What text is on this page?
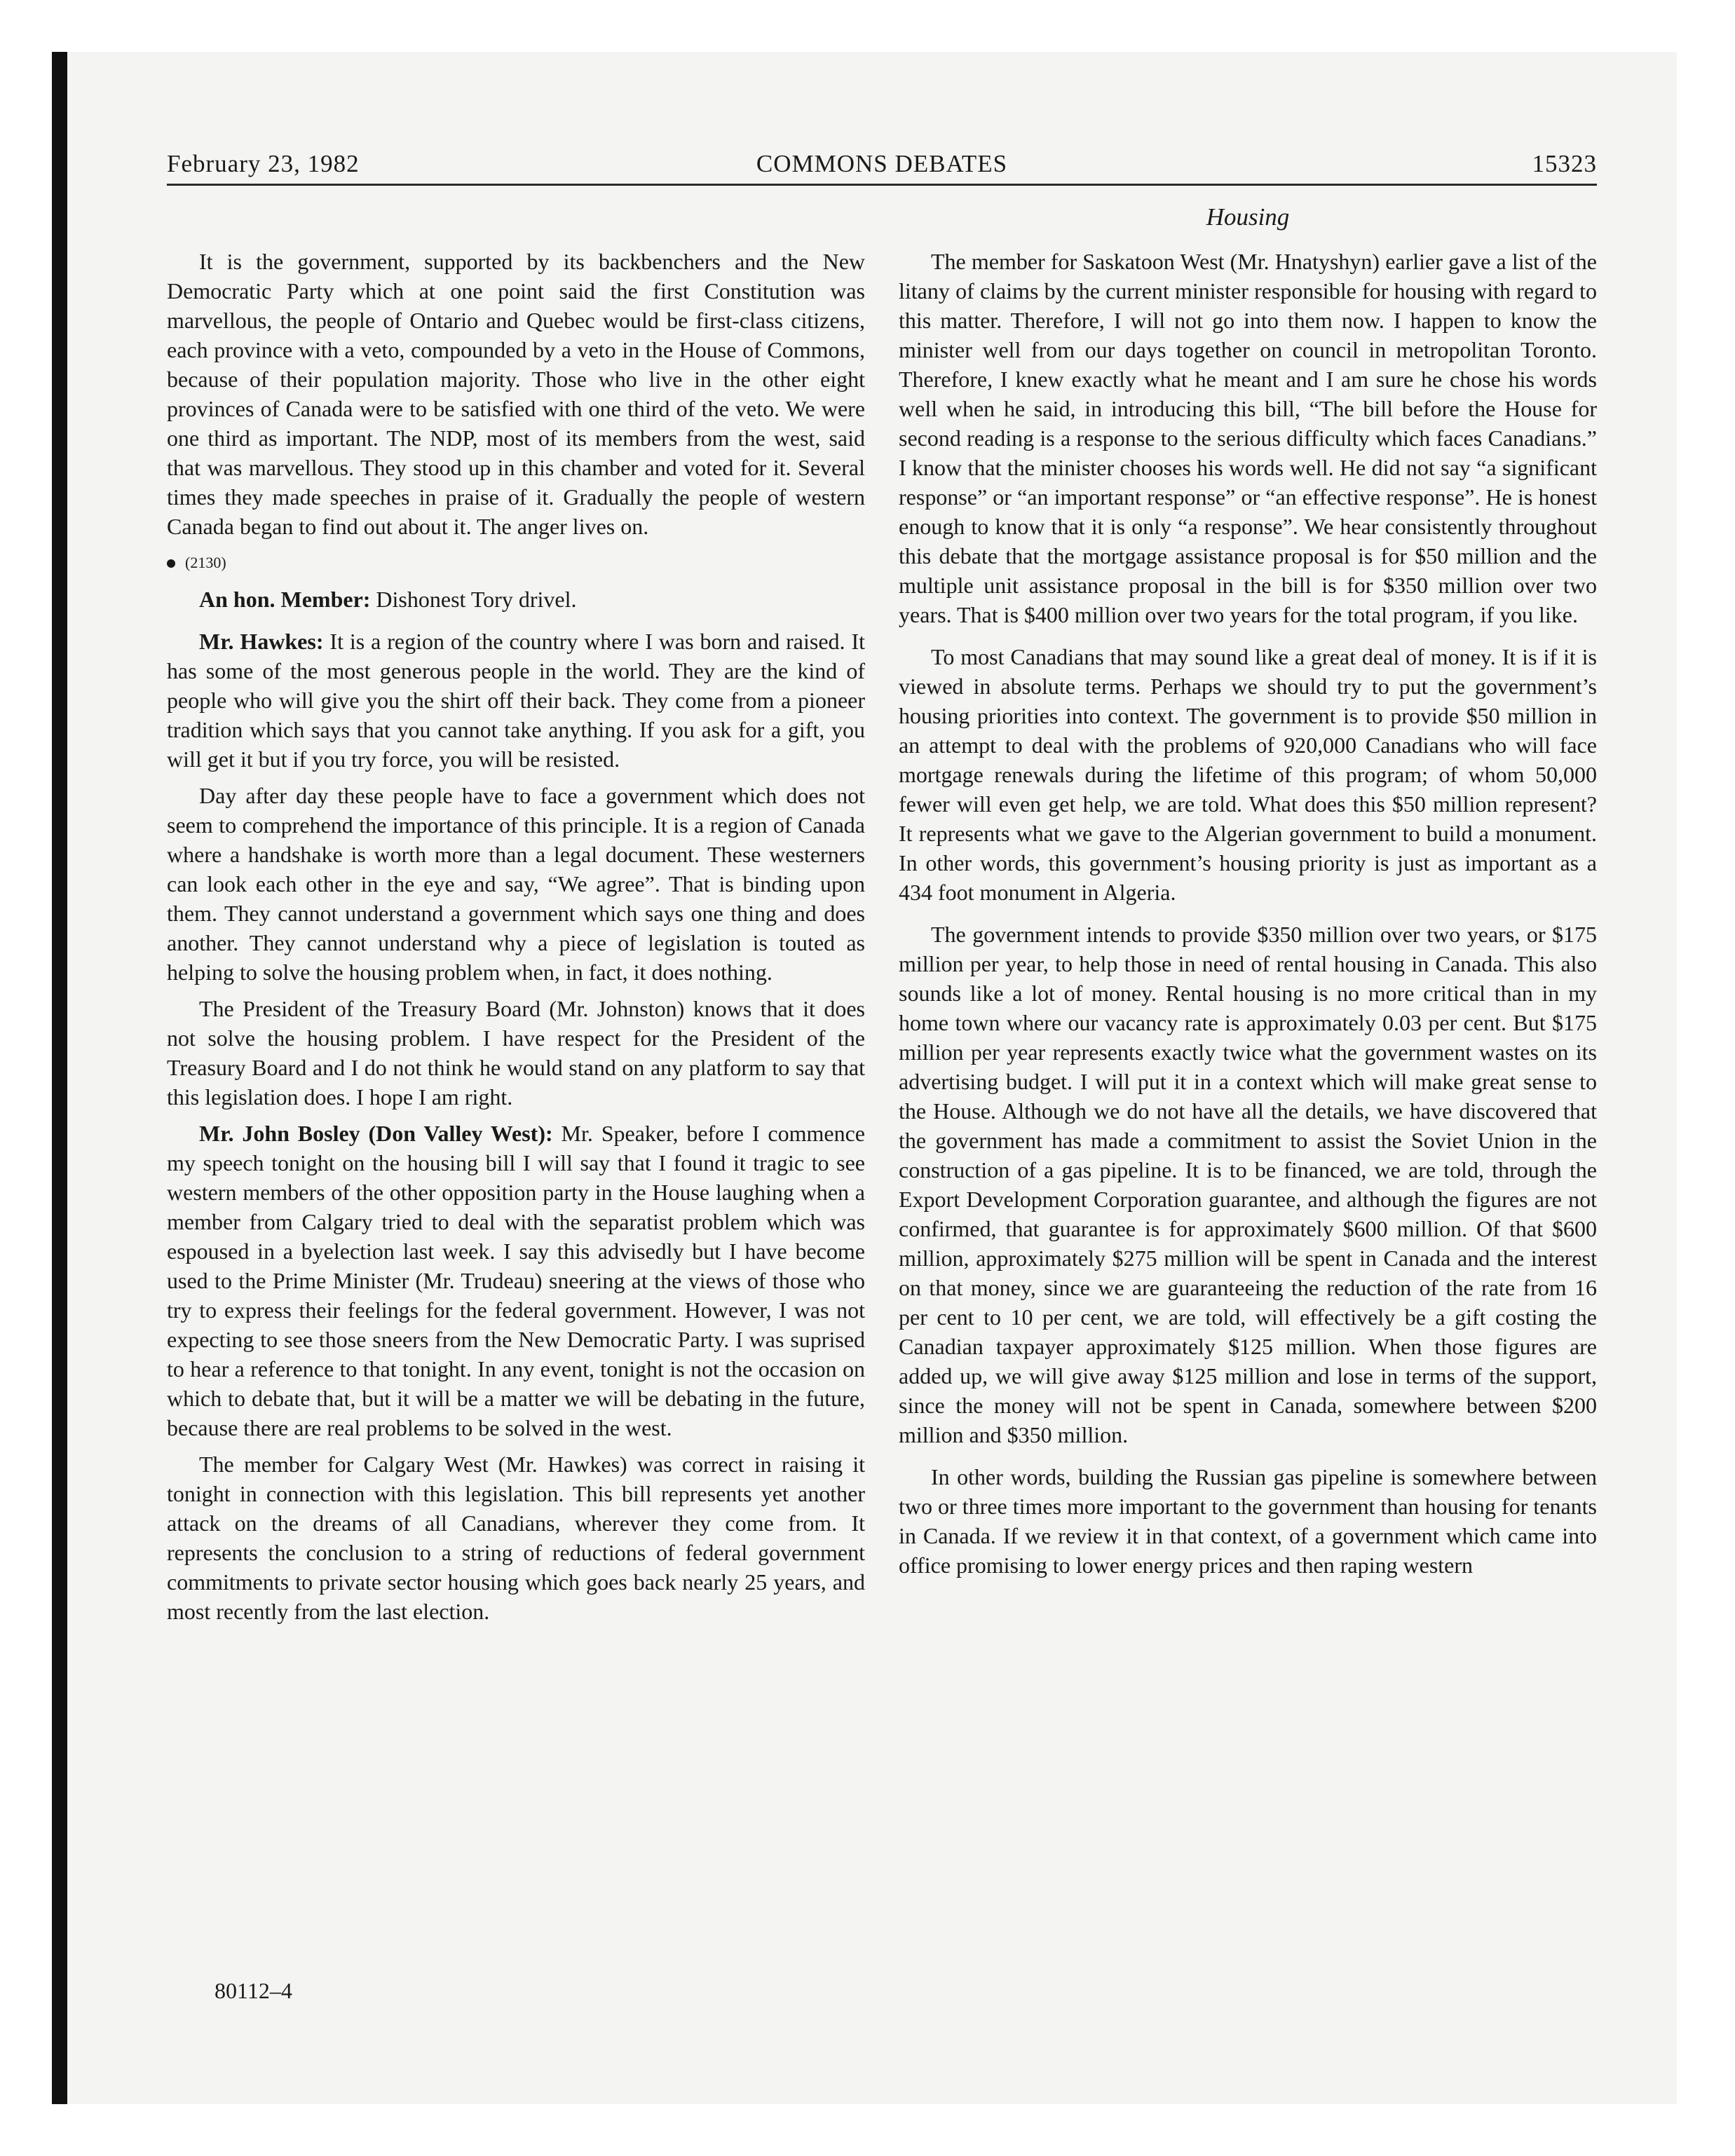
February 23, 1982	COMMONS DEBATES	15323
Housing

It is the government, supported by its backbenchers and the New Democratic Party which at one point said the first Constitution was marvellous, the people of Ontario and Quebec would be first-class citizens, each province with a veto, compounded by a veto in the House of Commons, because of their population majority. Those who live in the other eight provinces of Canada were to be satisfied with one third of the veto. We were one third as important. The NDP, most of its members from the west, said that was marvellous. They stood up in this chamber and voted for it. Several times they made speeches in praise of it. Gradually the people of western Canada began to find out about it. The anger lives on.

(2130)

An hon. Member: Dishonest Tory drivel.

Mr. Hawkes: It is a region of the country where I was born and raised. It has some of the most generous people in the world. They are the kind of people who will give you the shirt off their back. They come from a pioneer tradition which says that you cannot take anything. If you ask for a gift, you will get it but if you try force, you will be resisted.

Day after day these people have to face a government which does not seem to comprehend the importance of this principle. It is a region of Canada where a handshake is worth more than a legal document. These westerners can look each other in the eye and say, “We agree”. That is binding upon them. They cannot understand a government which says one thing and does another. They cannot understand why a piece of legislation is touted as helping to solve the housing problem when, in fact, it does nothing.

The President of the Treasury Board (Mr. Johnston) knows that it does not solve the housing problem. I have respect for the President of the Treasury Board and I do not think he would stand on any platform to say that this legislation does. I hope I am right.

Mr. John Bosley (Don Valley West): Mr. Speaker, before I commence my speech tonight on the housing bill I will say that I found it tragic to see western members of the other opposition party in the House laughing when a member from Calgary tried to deal with the separatist problem which was espoused in a byelection last week. I say this advisedly but I have become used to the Prime Minister (Mr. Trudeau) sneering at the views of those who try to express their feelings for the federal government. However, I was not expecting to see those sneers from the New Democratic Party. I was suprised to hear a reference to that tonight. In any event, tonight is not the occasion on which to debate that, but it will be a matter we will be debating in the future, because there are real problems to be solved in the west.

The member for Calgary West (Mr. Hawkes) was correct in raising it tonight in connection with this legislation. This bill represents yet another attack on the dreams of all Canadians, wherever they come from. It represents the conclusion to a string of reductions of federal government commitments to private sector housing which goes back nearly 25 years, and most recently from the last election.

The member for Saskatoon West (Mr. Hnatyshyn) earlier gave a list of the litany of claims by the current minister responsible for housing with regard to this matter. Therefore, I will not go into them now. I happen to know the minister well from our days together on council in metropolitan Toronto. Therefore, I knew exactly what he meant and I am sure he chose his words well when he said, in introducing this bill, “The bill before the House for second reading is a response to the serious difficulty which faces Canadians.” I know that the minister chooses his words well. He did not say “a significant response” or “an important response” or “an effective response”. He is honest enough to know that it is only “a response”. We hear consistently throughout this debate that the mortgage assistance proposal is for $50 million and the multiple unit assistance proposal in the bill is for $350 million over two years. That is $400 million over two years for the total program, if you like.

To most Canadians that may sound like a great deal of money. It is if it is viewed in absolute terms. Perhaps we should try to put the government’s housing priorities into context. The government is to provide $50 million in an attempt to deal with the problems of 920,000 Canadians who will face mortgage renewals during the lifetime of this program; of whom 50,000 fewer will even get help, we are told. What does this $50 million represent? It represents what we gave to the Algerian government to build a monument. In other words, this government’s housing priority is just as important as a 434 foot monument in Algeria.

The government intends to provide $350 million over two years, or $175 million per year, to help those in need of rental housing in Canada. This also sounds like a lot of money. Rental housing is no more critical than in my home town where our vacancy rate is approximately 0.03 per cent. But $175 million per year represents exactly twice what the government wastes on its advertising budget. I will put it in a context which will make great sense to the House. Although we do not have all the details, we have discovered that the government has made a commitment to assist the Soviet Union in the construction of a gas pipeline. It is to be financed, we are told, through the Export Development Corporation guarantee, and although the figures are not confirmed, that guarantee is for approximately $600 million. Of that $600 million, approximately $275 million will be spent in Canada and the interest on that money, since we are guaranteeing the reduction of the rate from 16 per cent to 10 per cent, we are told, will effectively be a gift costing the Canadian taxpayer approximately $125 million. When those figures are added up, we will give away $125 million and lose in terms of the support, since the money will not be spent in Canada, somewhere between $200 million and $350 million.

In other words, building the Russian gas pipeline is somewhere between two or three times more important to the government than housing for tenants in Canada. If we review it in that context, of a government which came into office promising to lower energy prices and then raping western

80112–4
